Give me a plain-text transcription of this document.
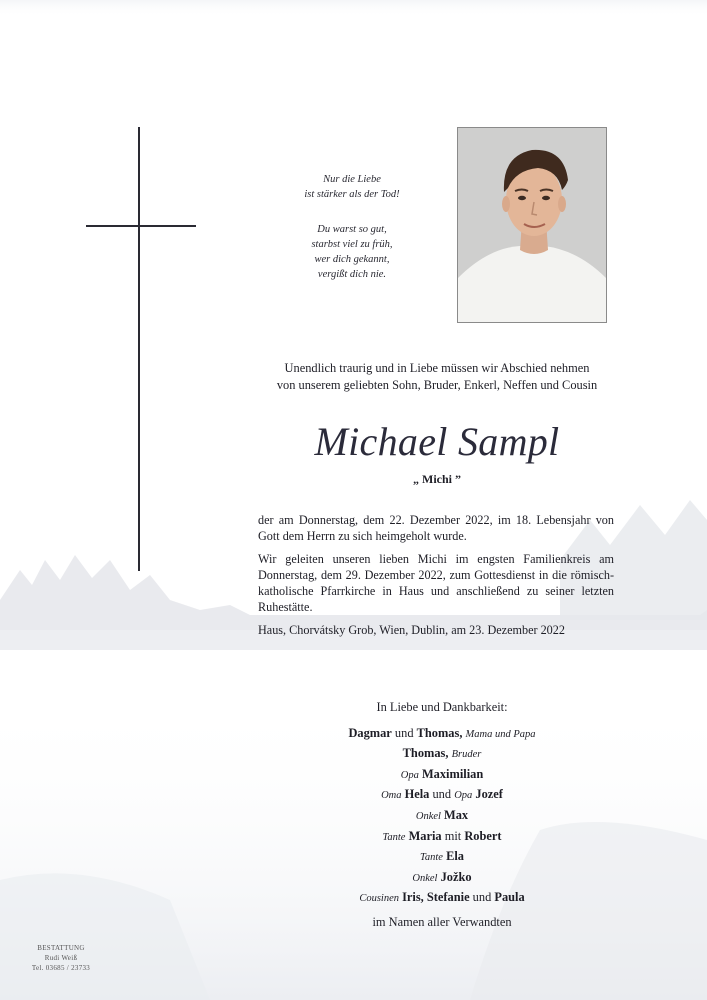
Nur die Liebe

ist stärker als der Tod!

Du warst so gut,

starbst viel zu früh,

wer dich gekannt,

vergißt dich nie.

Unendlich traurig und in Liebe müssen wir Abschied nehmen

von unserem geliebten Sohn, Bruder, Enkerl, Neffen und Cousin

Michael Sampl
„ Michi ”

der am Donnerstag, dem 22. Dezember 2022, im 18. Lebensjahr von Gott dem Herrn zu sich heimgeholt wurde.

Wir geleiten unseren lieben Michi im engsten Familienkreis am Donnerstag, dem 29. Dezember 2022, zum Gottesdienst in die römisch-katholische Pfarrkirche in Haus und anschließend zu seiner letzten Ruhestätte.

Haus, Chorvátsky Grob, Wien, Dublin, am 23. Dezember 2022

In Liebe und Dankbarkeit:
Dagmar und Thomas, Mama und Papa
Thomas, Bruder
Opa Maximilian
Oma Hela und Opa Jozef
Onkel Max
Tante Maria mit Robert
Tante Ela
Onkel Jožko
Cousinen Iris, Stefanie und Paula
im Namen aller Verwandten
BESTATTUNG
Rudi Weiß
Tel. 03685 / 23733
